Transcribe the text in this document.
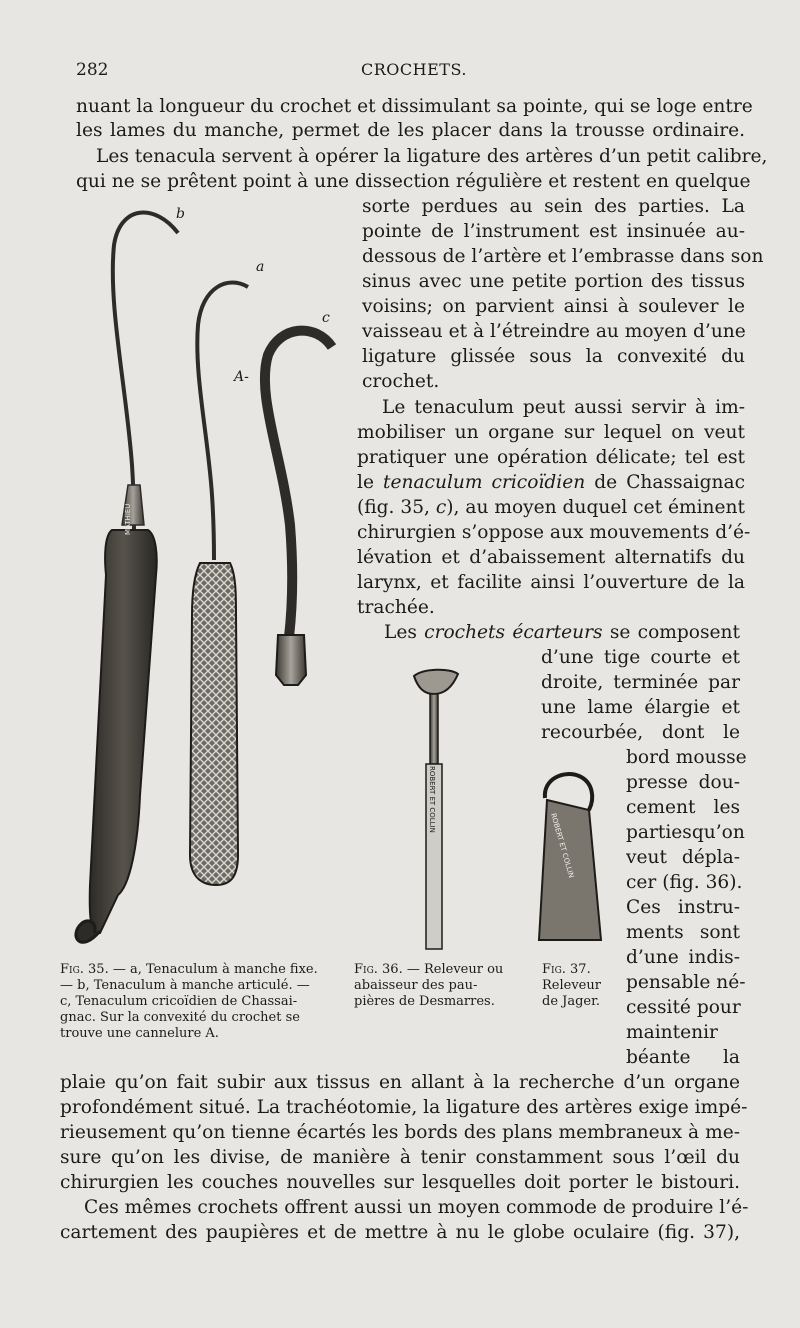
282	CROCHETS.
nuant la longueur du crochet et dissimulant sa pointe, qui se loge entre
les lames du manche, permet de les placer dans la trousse ordinaire.
Les tenacula servent à opérer la ligature des artères d’un petit calibre,
qui ne se prêtent point à une dissection régulière et restent en quelque
sorte perdues au sein des parties. La
pointe de l’instrument est insinuée au-
dessous de l’artère et l’embrasse dans son
sinus avec une petite portion des tissus
voisins; on parvient ainsi à soulever le
vaisseau et à l’étreindre au moyen d’une
ligature glissée sous la convexité du
crochet.
Le tenaculum peut aussi servir à im-
mobiliser un organe sur lequel on veut
pratiquer une opération délicate; tel est
le tenaculum cricoïdien de Chassaignac
(fig. 35, c), au moyen duquel cet éminent
chirurgien s’oppose aux mouvements d’é-
lévation et d’abaissement alternatifs du
larynx, et facilite ainsi l’ouverture de la
trachée.
Les crochets écarteurs se composent
d’une tige courte et
droite, terminée par
une lame élargie et
recourbée, dont le
bord mousse
presse dou-
cement les
partiesqu’on
veut dépla-
cer (fig. 36).
Ces instru-
ments sont
d’une indis-
pensable né-
cessité pour
maintenir
béante la
plaie qu’on fait subir aux tissus en allant à la recherche d’un organe
profondément situé. La trachéotomie, la ligature des artères exige impé-
rieusement qu’on tienne écartés les bords des plans membraneux à me-
sure qu’on les divise, de manière à tenir constamment sous l’œil du
chirurgien les couches nouvelles sur lesquelles doit porter le bistouri.
Ces mêmes crochets offrent aussi un moyen commode de produire l’é-
cartement des paupières et de mettre à nu le globe oculaire (fig. 37),
b
MATHIEU
a
c
A-
ROBERT ET COLLIN
ROBERT ET COLLIN
Fig. 35. — a, Tenaculum à manche fixe.
— b, Tenaculum à manche articulé. —
c, Tenaculum cricoïdien de Chassai-
gnac. Sur la convexité du crochet se
trouve une cannelure A.
Fig. 36. — Releveur ou
abaisseur des pau-
pières de Desmarres.
Fig. 37.
Releveur
de Jager.
